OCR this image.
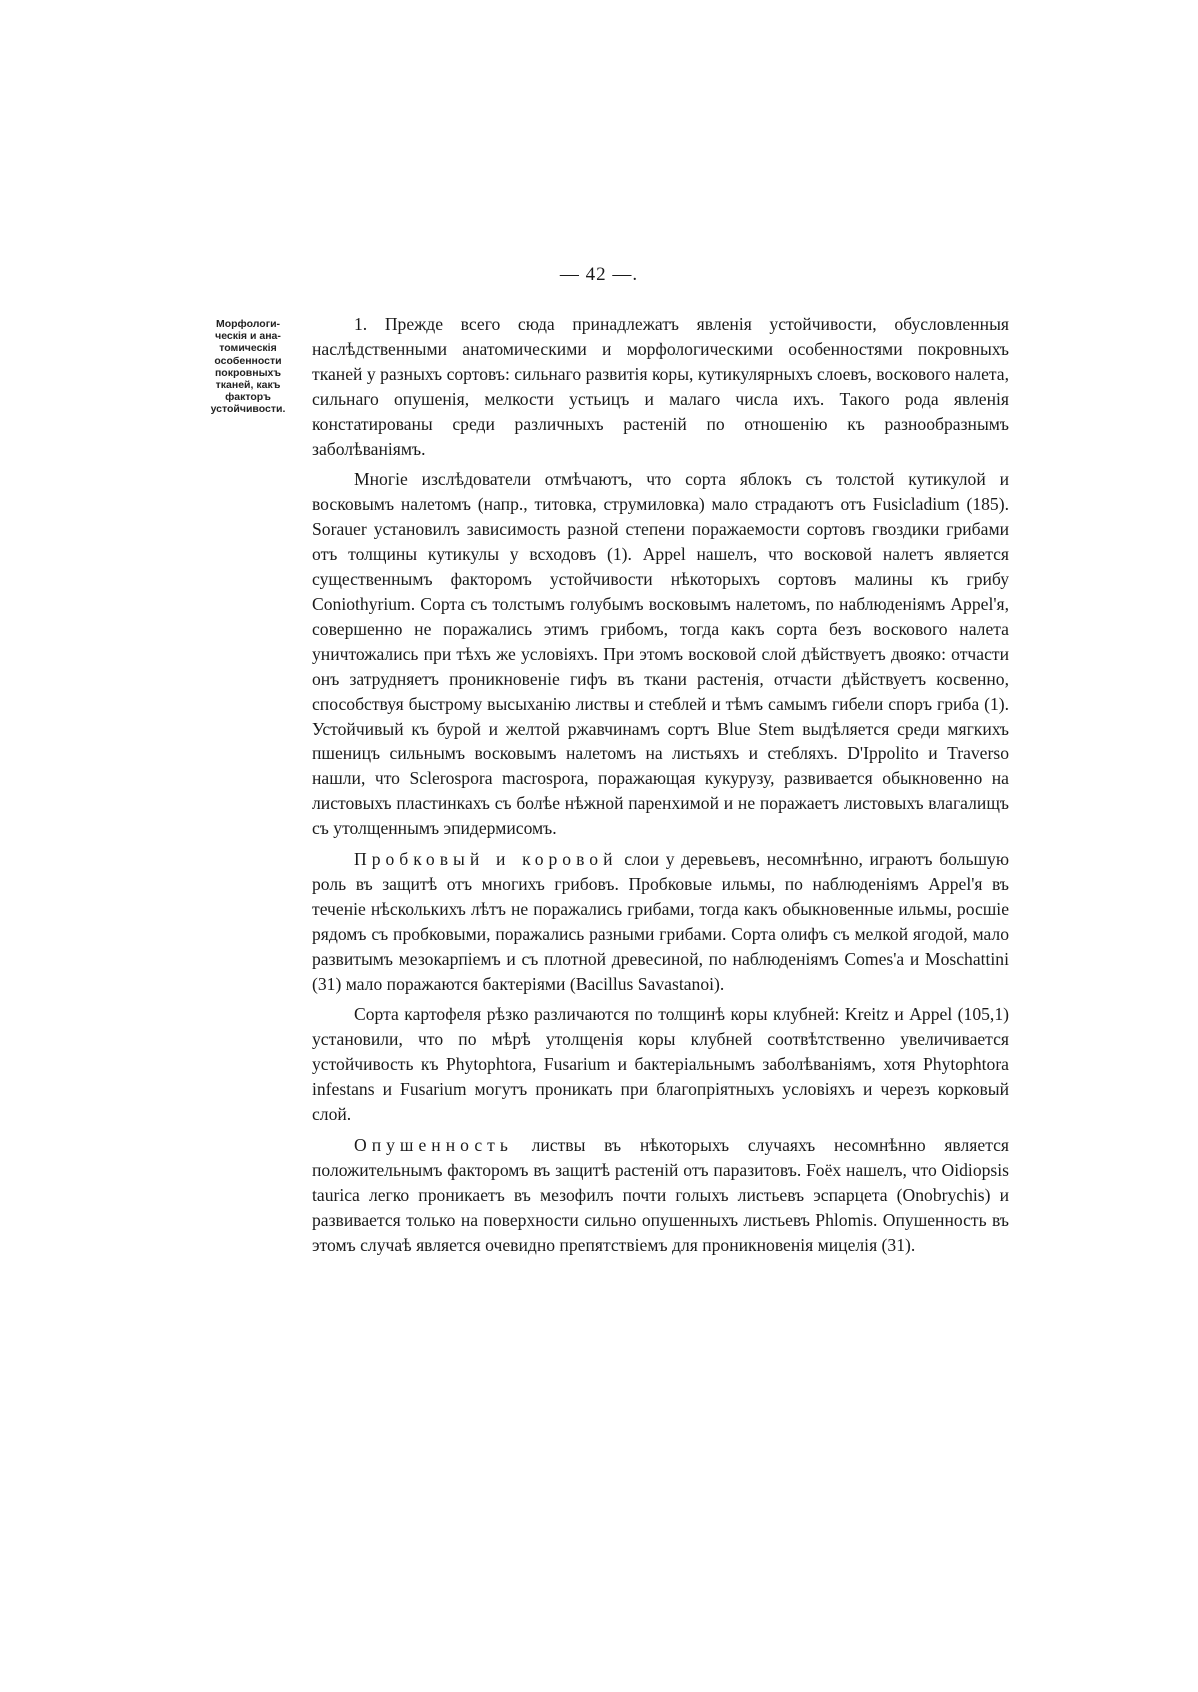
— 42 —.
Морфологи-
ческія и ана-
томическія
особенности
покровныхъ
тканей, какъ
факторъ
устойчивости.

1. Прежде всего сюда принадлежатъ явленія устойчивости, обусловленныя наслѣдственными анатомическими и морфологическими особенностями покровныхъ тканей у разныхъ сортовъ: сильнаго развитія коры, кутикулярныхъ слоевъ, воскового налета, сильнаго опушенія, мелкости устьицъ и малаго числа ихъ. Такого рода явленія констатированы среди различныхъ растеній по отношенію къ разнообразнымъ заболѣваніямъ.

Многіе изслѣдователи отмѣчаютъ, что сорта яблокъ съ толстой кутикулой и восковымъ налетомъ (напр., титовка, струмиловка) мало страдаютъ отъ Fusicladium (185). Sorauer установилъ зависимость разной степени поражаемости сортовъ гвоздики грибами отъ толщины кутикулы у всходовъ (1). Appel нашелъ, что восковой налетъ является существеннымъ факторомъ устойчивости нѣкоторыхъ сортовъ малины къ грибу Coniothyrium. Сорта съ толстымъ голубымъ восковымъ налетомъ, по наблюденіямъ Appel'я, совершенно не поражались этимъ грибомъ, тогда какъ сорта безъ воскового налета уничтожались при тѣхъ же условіяхъ. При этомъ восковой слой дѣйствуетъ двояко: отчасти онъ затрудняетъ проникновеніе гифъ въ ткани растенія, отчасти дѣйствуетъ косвенно, способствуя быстрому высыханію листвы и стеблей и тѣмъ самымъ гибели споръ гриба (1). Устойчивый къ бурой и желтой ржавчинамъ сортъ Blue Stem выдѣляется среди мягкихъ пшеницъ сильнымъ восковымъ налетомъ на листьяхъ и стебляхъ. D'Ippolito и Traverso нашли, что Sclerospora macrospora, поражающая кукурузу, развивается обыкновенно на листовыхъ пластинкахъ съ болѣе нѣжной паренхимой и не поражаетъ листовыхъ влагалищъ съ утолщеннымъ эпидермисомъ.

Пробковый и коровой слои у деревьевъ, несомнѣнно, играютъ большую роль въ защитѣ отъ многихъ грибовъ. Пробковые ильмы, по наблюденіямъ Appel'я въ теченіе нѣсколькихъ лѣтъ не поражались грибами, тогда какъ обыкновенные ильмы, росшіе рядомъ съ пробковыми, поражались разными грибами. Сорта олифъ съ мелкой ягодой, мало развитымъ мезокарпіемъ и съ плотной древесиной, по наблюденіямъ Comes'а и Moschattini (31) мало поражаются бактеріями (Bacillus Savastanoi).

Сорта картофеля рѣзко различаются по толщинѣ коры клубней: Kreitz и Appel (105,1) установили, что по мѣрѣ утолщенія коры клубней соотвѣтственно увеличивается устойчивость къ Phytophtora, Fusarium и бактеріальнымъ заболѣваніямъ, хотя Phytophtora infestans и Fusarium могутъ проникать при благопріятныхъ условіяхъ и черезъ корковый слой.

Опушенность листвы въ нѣкоторыхъ случаяхъ несомнѣнно является положительнымъ факторомъ въ защитѣ растеній отъ паразитовъ. Foëx нашелъ, что Oidiopsis taurica легко проникаетъ въ мезофилъ почти голыхъ листьевъ эспарцета (Onobrychis) и развивается только на поверхности сильно опушенныхъ листьевъ Phlomis. Опушенность въ этомъ случаѣ является очевидно препятствіемъ для проникновенія мицелія (31).
